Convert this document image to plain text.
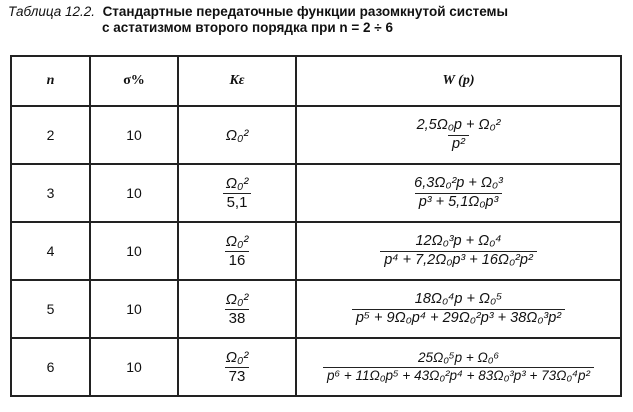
Таблица 12.2. Стандартные передаточные функции разомкнутой системы
с астатизмом второго порядка при n = 2 ÷ 6
n	σ%	Kε	W (p)
2	10	Ω₀²	$\frac{\text{2,5Ω₀p + Ω₀²}}{\text{p²}}$

3	10	$\frac{\text{Ω₀²}}{5,1}$	$\frac{\text{6,3Ω₀²p + Ω₀³}}{\text{p³ + 5,1Ω₀p³}}$

4	10	$\frac{\text{Ω₀²}}{16}$	$\frac{\text{12Ω₀³p + Ω₀⁴}}{\text{p⁴ + 7,2Ω₀p³ + 16Ω₀²p²}}$

5	10	$\frac{\text{Ω₀²}}{38}$	$\frac{\text{18Ω₀⁴p + Ω₀⁵}}{\text{p⁵ + 9Ω₀p⁴ + 29Ω₀²p³ + 38Ω₀³p²}}$

6	10	$\frac{\text{Ω₀²}}{73}$	$\frac{\text{25Ω₀⁵p + Ω₀⁶}}{\text{p⁶ + 11Ω₀p⁵ + 43Ω₀²p⁴ + 83Ω₀³p³ + 73Ω₀⁴p²}}$
